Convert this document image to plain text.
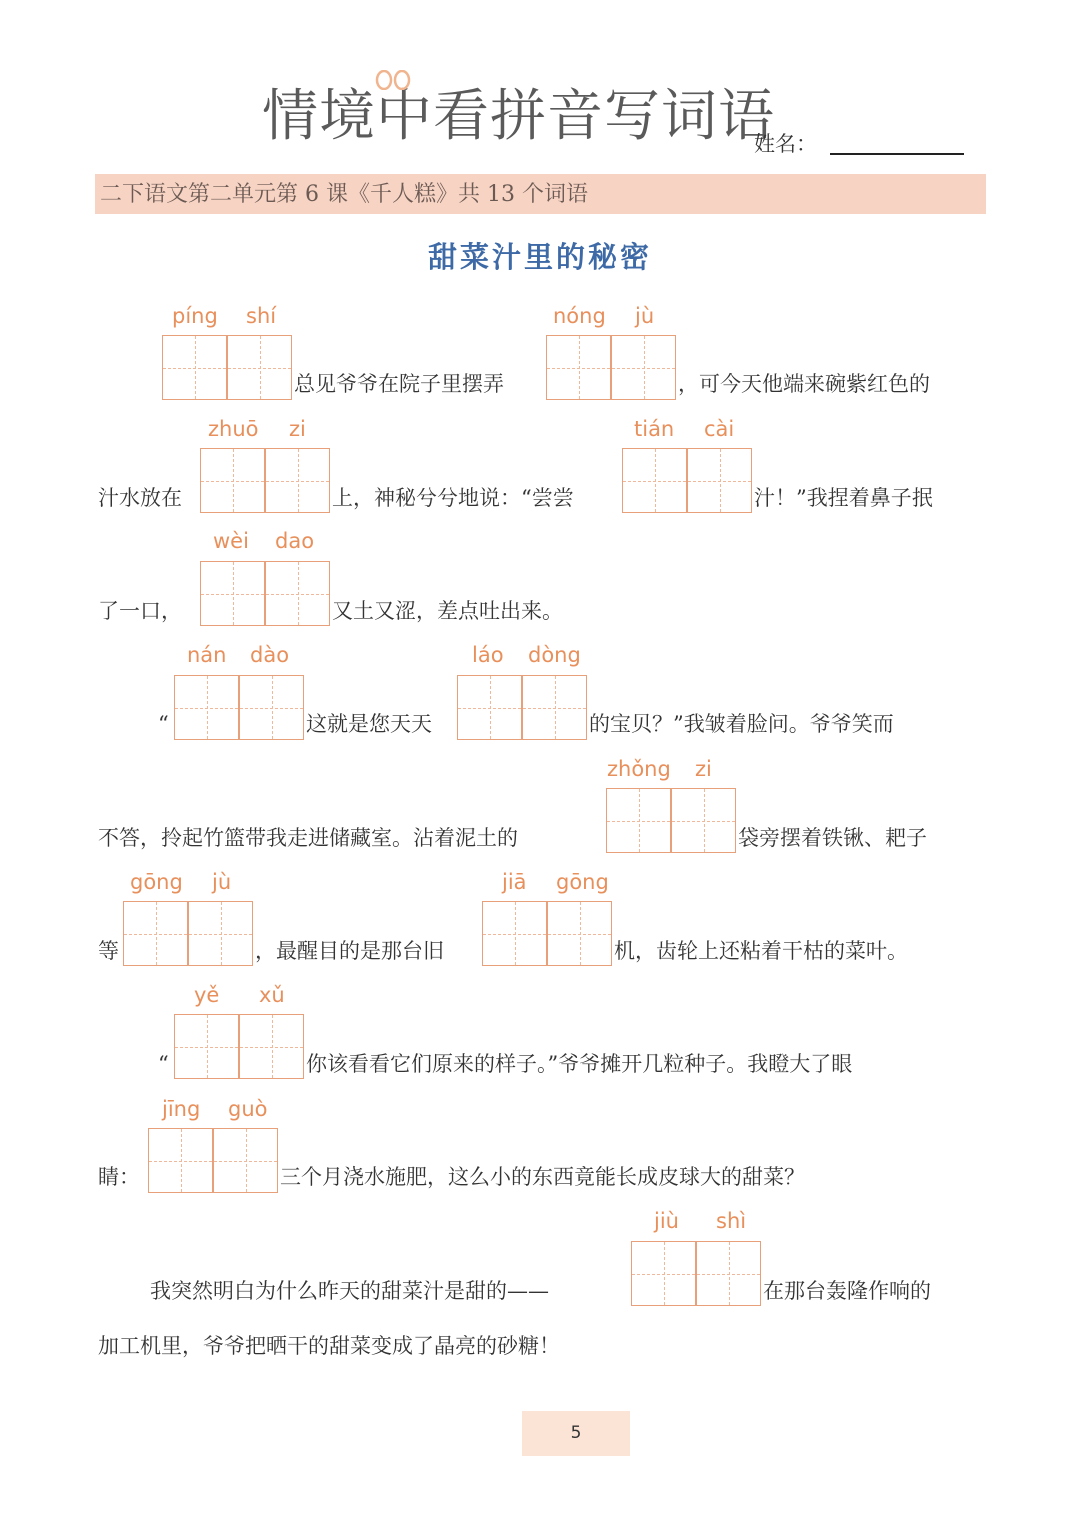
情境中看拼音写词语
姓名：
二下语文第二单元第 6 课《千人糕》共 13 个词语
甜菜汁里的秘密
píng shí
总见爷爷在院子里摆弄
nóng jù
，可今天他端来碗紫红色的
汁水放在
zhuō zi
上，神秘兮兮地说：“尝尝
tián cài
汁！”我捏着鼻子抿
了一口，
wèi dao
又土又涩，差点吐出来。
“
nán dào
这就是您天天
láo dòng
的宝贝？”我皱着脸问。爷爷笑而
不答，拎起竹篮带我走进储藏室。沾着泥土的
zhǒng zi
袋旁摆着铁锹、耙子
等
gōng jù
，最醒目的是那台旧
jiā gōng
机，齿轮上还粘着干枯的菜叶。
“
yě xǔ
你该看看它们原来的样子。”爷爷摊开几粒种子。我瞪大了眼
睛：
jīng guò
三个月浇水施肥，这么小的东西竟能长成皮球大的甜菜？
我突然明白为什么昨天的甜菜汁是甜的——
jiù shì
在那台轰隆作响的
加工机里，爷爷把晒干的甜菜变成了晶亮的砂糖！
5
